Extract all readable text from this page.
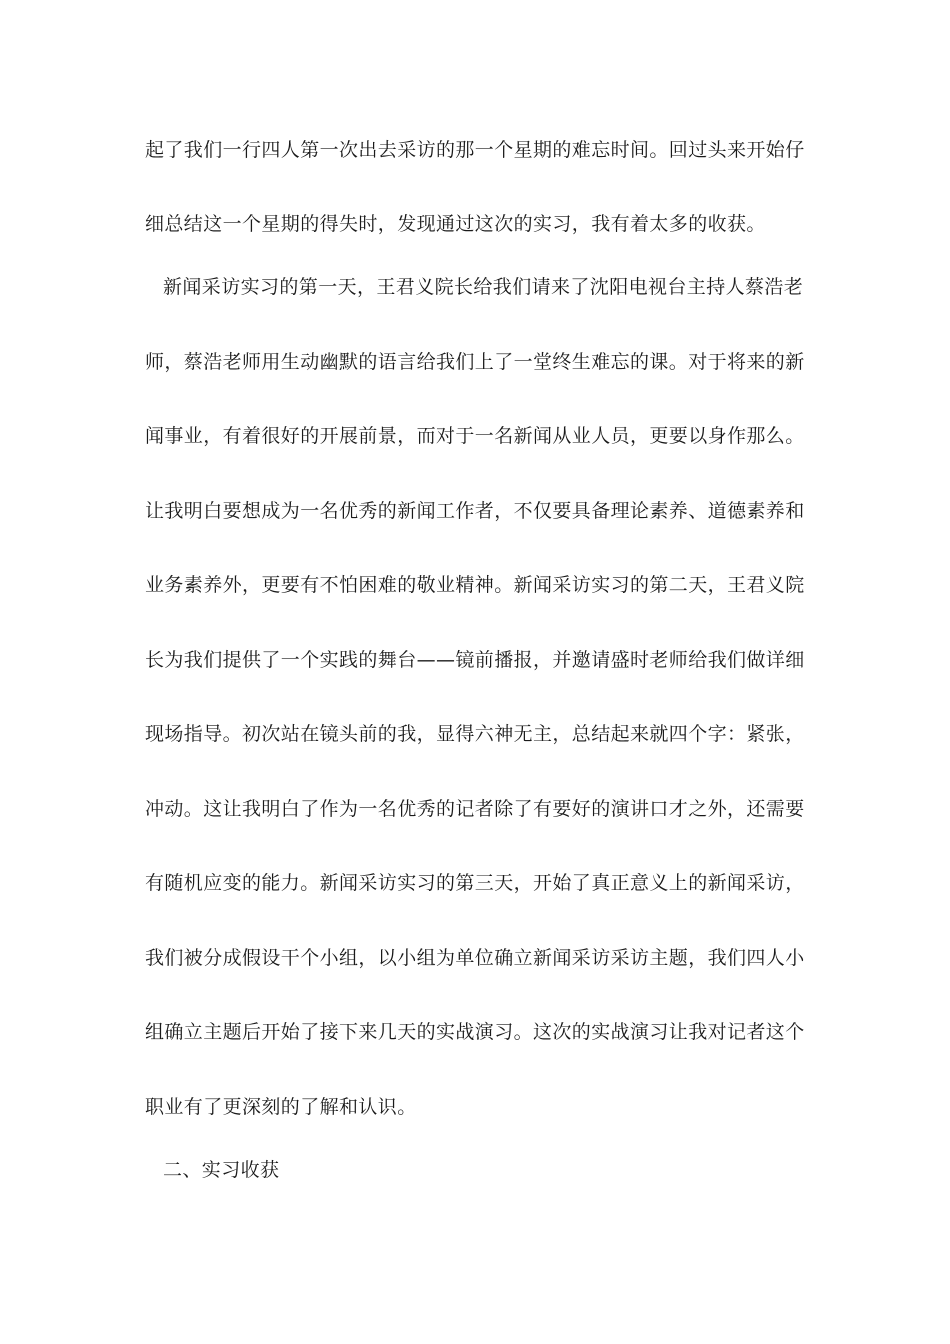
起了我们一行四人第一次出去采访的那一个星期的难忘时间。回过头来开始仔
细总结这一个星期的得失时，发现通过这次的实习，我有着太多的收获。
新闻采访实习的第一天，王君义院长给我们请来了沈阳电视台主持人蔡浩老
师，蔡浩老师用生动幽默的语言给我们上了一堂终生难忘的课。对于将来的新
闻事业，有着很好的开展前景，而对于一名新闻从业人员，更要以身作那么。
让我明白要想成为一名优秀的新闻工作者，不仅要具备理论素养、道德素养和
业务素养外，更要有不怕困难的敬业精神。新闻采访实习的第二天，王君义院
长为我们提供了一个实践的舞台——镜前播报，并邀请盛时老师给我们做详细
现场指导。初次站在镜头前的我，显得六神无主，总结起来就四个字：紧张，
冲动。这让我明白了作为一名优秀的记者除了有要好的演讲口才之外，还需要
有随机应变的能力。新闻采访实习的第三天，开始了真正意义上的新闻采访，
我们被分成假设干个小组，以小组为单位确立新闻采访采访主题，我们四人小
组确立主题后开始了接下来几天的实战演习。这次的实战演习让我对记者这个
职业有了更深刻的了解和认识。
二、实习收获
